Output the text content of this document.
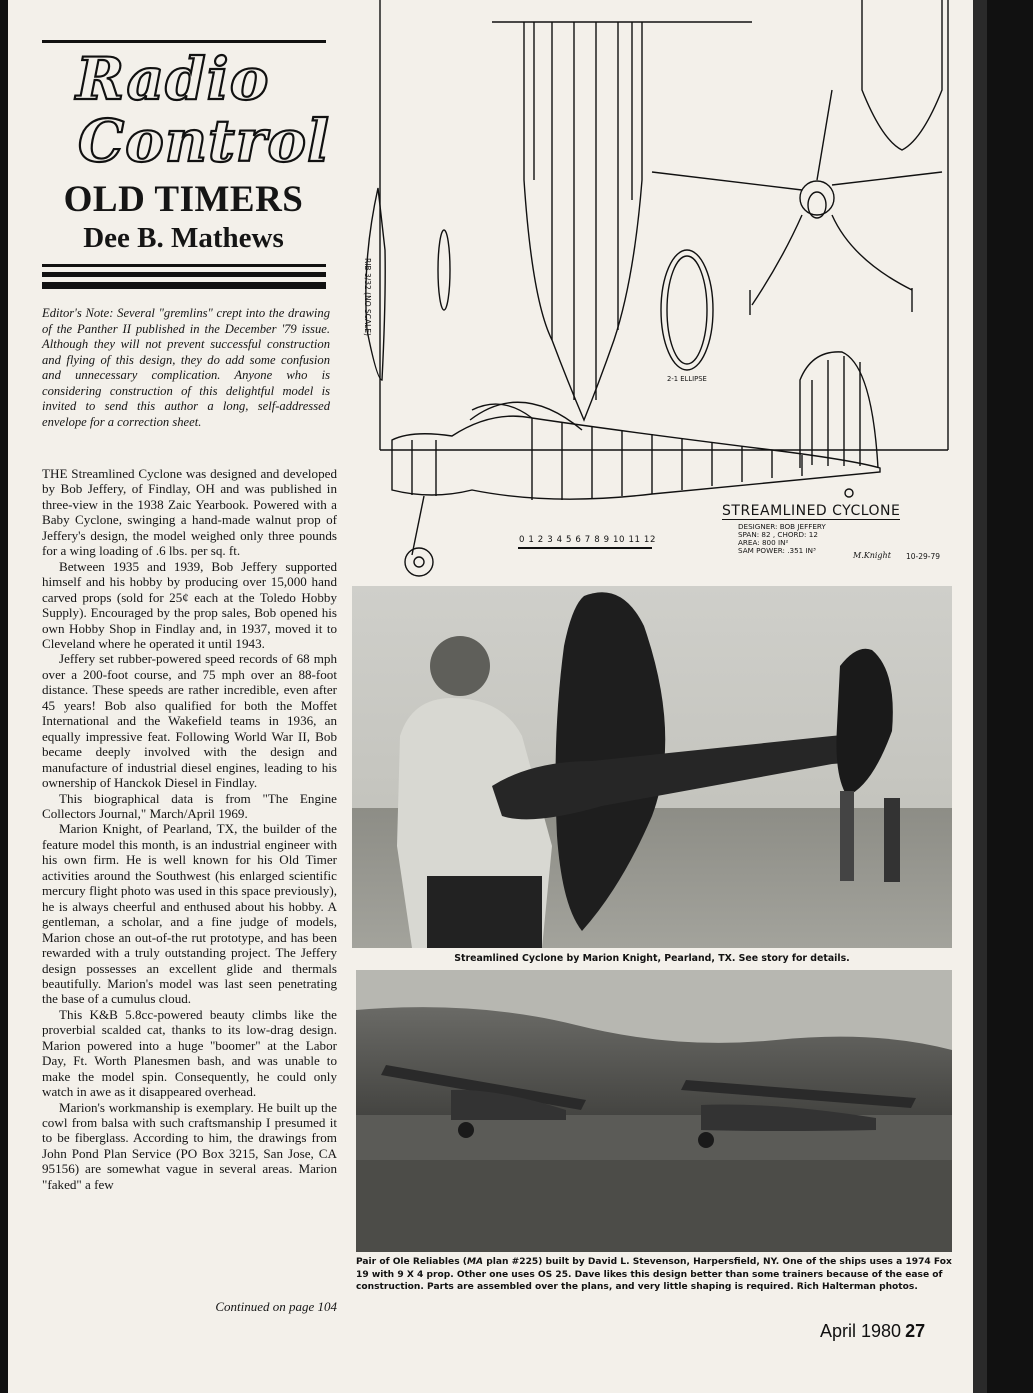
Radio
Control
OLD TIMERS
Dee B. Mathews
Editor's Note: Several "gremlins" crept into the drawing of the Panther II published in the December '79 issue. Although they will not prevent successful construction and flying of this design, they do add some confusion and unnecessary complication. Anyone who is considering construction of this delightful model is invited to send this author a long, self-addressed envelope for a correction sheet.

THE Streamlined Cyclone was designed and developed by Bob Jeffery, of Findlay, OH and was published in three-view in the 1938 Zaic Yearbook. Powered with a Baby Cyclone, swinging a hand-made walnut prop of Jeffery's design, the model weighed only three pounds for a wing loading of .6 lbs. per sq. ft.

Between 1935 and 1939, Bob Jeffery supported himself and his hobby by producing over 15,000 hand carved props (sold for 25¢ each at the Toledo Hobby Supply). Encouraged by the prop sales, Bob opened his own Hobby Shop in Findlay and, in 1937, moved it to Cleveland where he operated it until 1943.

Jeffery set rubber-powered speed records of 68 mph over a 200-foot course, and 75 mph over an 88-foot distance. These speeds are rather incredible, even after 45 years! Bob also qualified for both the Moffet International and the Wakefield teams in 1936, an equally impressive feat. Following World War II, Bob became deeply involved with the design and manufacture of industrial diesel engines, leading to his ownership of Hanckok Diesel in Findlay.

This biographical data is from "The Engine Collectors Journal," March/April 1969.

Marion Knight, of Pearland, TX, the builder of the feature model this month, is an industrial engineer with his own firm. He is well known for his Old Timer activities around the Southwest (his enlarged scientific mercury flight photo was used in this space previously), he is always cheerful and enthused about his hobby. A gentleman, a scholar, and a fine judge of models, Marion chose an out-of-the rut prototype, and has been rewarded with a truly outstanding project. The Jeffery design possesses an excellent glide and thermals beautifully. Marion's model was last seen penetrating the base of a cumulus cloud.

This K&B 5.8cc-powered beauty climbs like the proverbial scalded cat, thanks to its low-drag design. Marion powered into a huge "boomer" at the Labor Day, Ft. Worth Planesmen bash, and was unable to make the model spin. Consequently, he could only watch in awe as it disappeared overhead.

Marion's workmanship is exemplary. He built up the cowl from balsa with such craftsmanship I presumed it to be fiberglass. According to him, the drawings from John Pond Plan Service (PO Box 3215, San Jose, CA 95156) are somewhat vague in several areas. Marion "faked" a few

Continued on page 104
STREAMLINED CYCLONE
DESIGNER: BOB JEFFERY
SPAN: 82 , CHORD: 12
AREA: 800 IN²
SAM POWER: .351 IN³
0 1 2 3 4 5 6 7 8 9 10 11 12
2-1 ELLIPSE
RIB 3/32 (NO SCALE)
M.Knight 10-29-79
Streamlined Cyclone by Marion Knight, Pearland, TX. See story for details.
Pair of Ole Reliables (MA plan #225) built by David L. Stevenson, Harpersfield, NY. One of the ships uses a 1974 Fox 19 with 9 X 4 prop. Other one uses OS 25. Dave likes this design better than some trainers because of the ease of construction. Parts are assembled over the plans, and very little shaping is required. Rich Halterman photos.
April 1980 27
